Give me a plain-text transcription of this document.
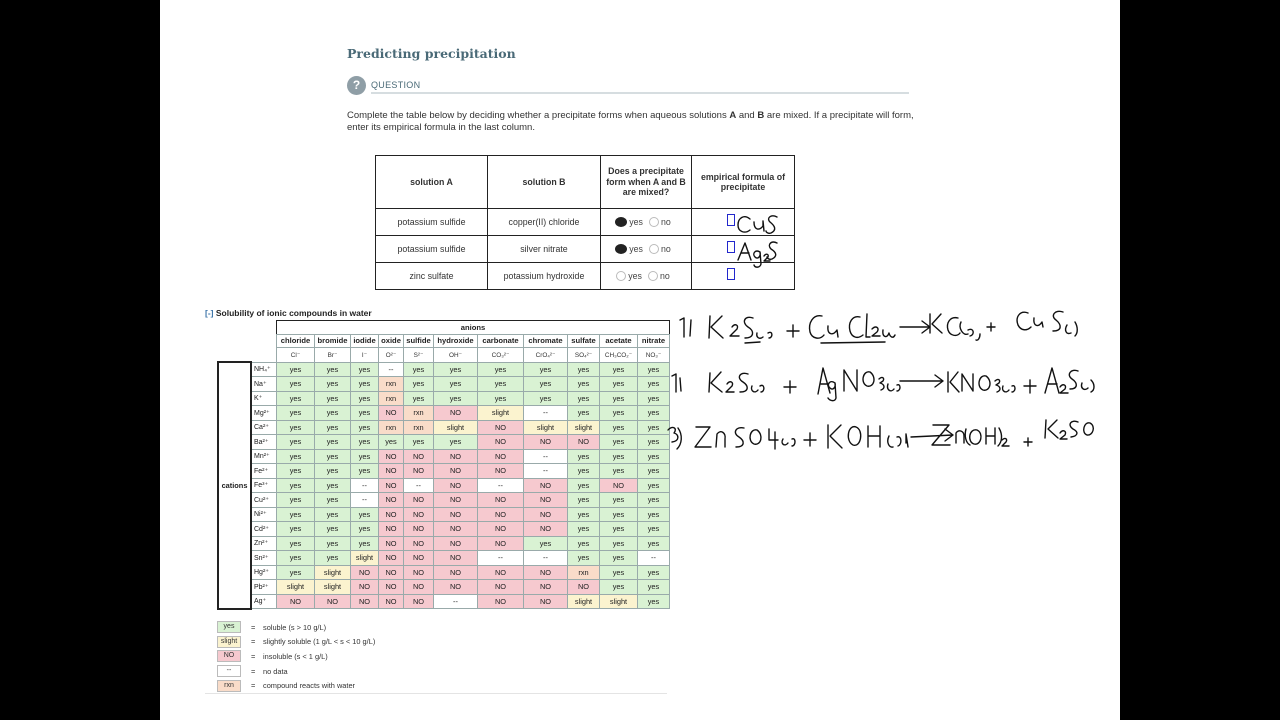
Predicting precipitation
?	QUESTION
Complete the table below by deciding whether a precipitate forms when aqueous solutions A and B are mixed. If a precipitate will form, enter its empirical formula in the last column.
solution A	solution B	Does a precipitate form when A and B are mixed?	empirical formula of precipitate
potassium sulfide	copper(II) chloride	yes no	

potassium sulfide	silver nitrate	yes no	

zinc sulfate	potassium hydroxide	yes no	
[-] Solubility of ionic compounds in water
		anions										
		chloride	bromide	iodide	oxide	sulfide	hydroxide	carbonate	chromate	sulfate	acetate	nitrate
		Cl⁻	Br⁻	I⁻	O²⁻	S²⁻	OH⁻	CO₃²⁻	CrO₄²⁻	SO₄²⁻	CH₃CO₂⁻	NO₃⁻
cations	NH₄⁺	yes	yes	yes	--	yes	yes	yes	yes	yes	yes	yes
	Na⁺	yes	yes	yes	rxn	yes	yes	yes	yes	yes	yes	yes
	K⁺	yes	yes	yes	rxn	yes	yes	yes	yes	yes	yes	yes
	Mg²⁺	yes	yes	yes	NO	rxn	NO	slight	--	yes	yes	yes
	Ca²⁺	yes	yes	yes	rxn	rxn	slight	NO	slight	slight	yes	yes
	Ba²⁺	yes	yes	yes	yes	yes	yes	NO	NO	NO	yes	yes
	Mn²⁺	yes	yes	yes	NO	NO	NO	NO	--	yes	yes	yes
	Fe²⁺	yes	yes	yes	NO	NO	NO	NO	--	yes	yes	yes
	Fe³⁺	yes	yes	--	NO	--	NO	--	NO	yes	NO	yes
	Cu²⁺	yes	yes	--	NO	NO	NO	NO	NO	yes	yes	yes
	Ni²⁺	yes	yes	yes	NO	NO	NO	NO	NO	yes	yes	yes
	Cd²⁺	yes	yes	yes	NO	NO	NO	NO	NO	yes	yes	yes
	Zn²⁺	yes	yes	yes	NO	NO	NO	NO	yes	yes	yes	yes
	Sn²⁺	yes	yes	slight	NO	NO	NO	--	--	yes	yes	--
	Hg²⁺	yes	slight	NO	NO	NO	NO	NO	NO	rxn	yes	yes
	Pb²⁺	slight	slight	NO	NO	NO	NO	NO	NO	NO	yes	yes
	Ag⁺	NO	NO	NO	NO	NO	--	NO	NO	slight	slight	yes
yes	=	soluble (s > 10 g/L)
slight	=	slightly soluble (1 g/L < s < 10 g/L)
NO	=	insoluble (s < 1 g/L)
--	=	no data
rxn	=	compound reacts with water
